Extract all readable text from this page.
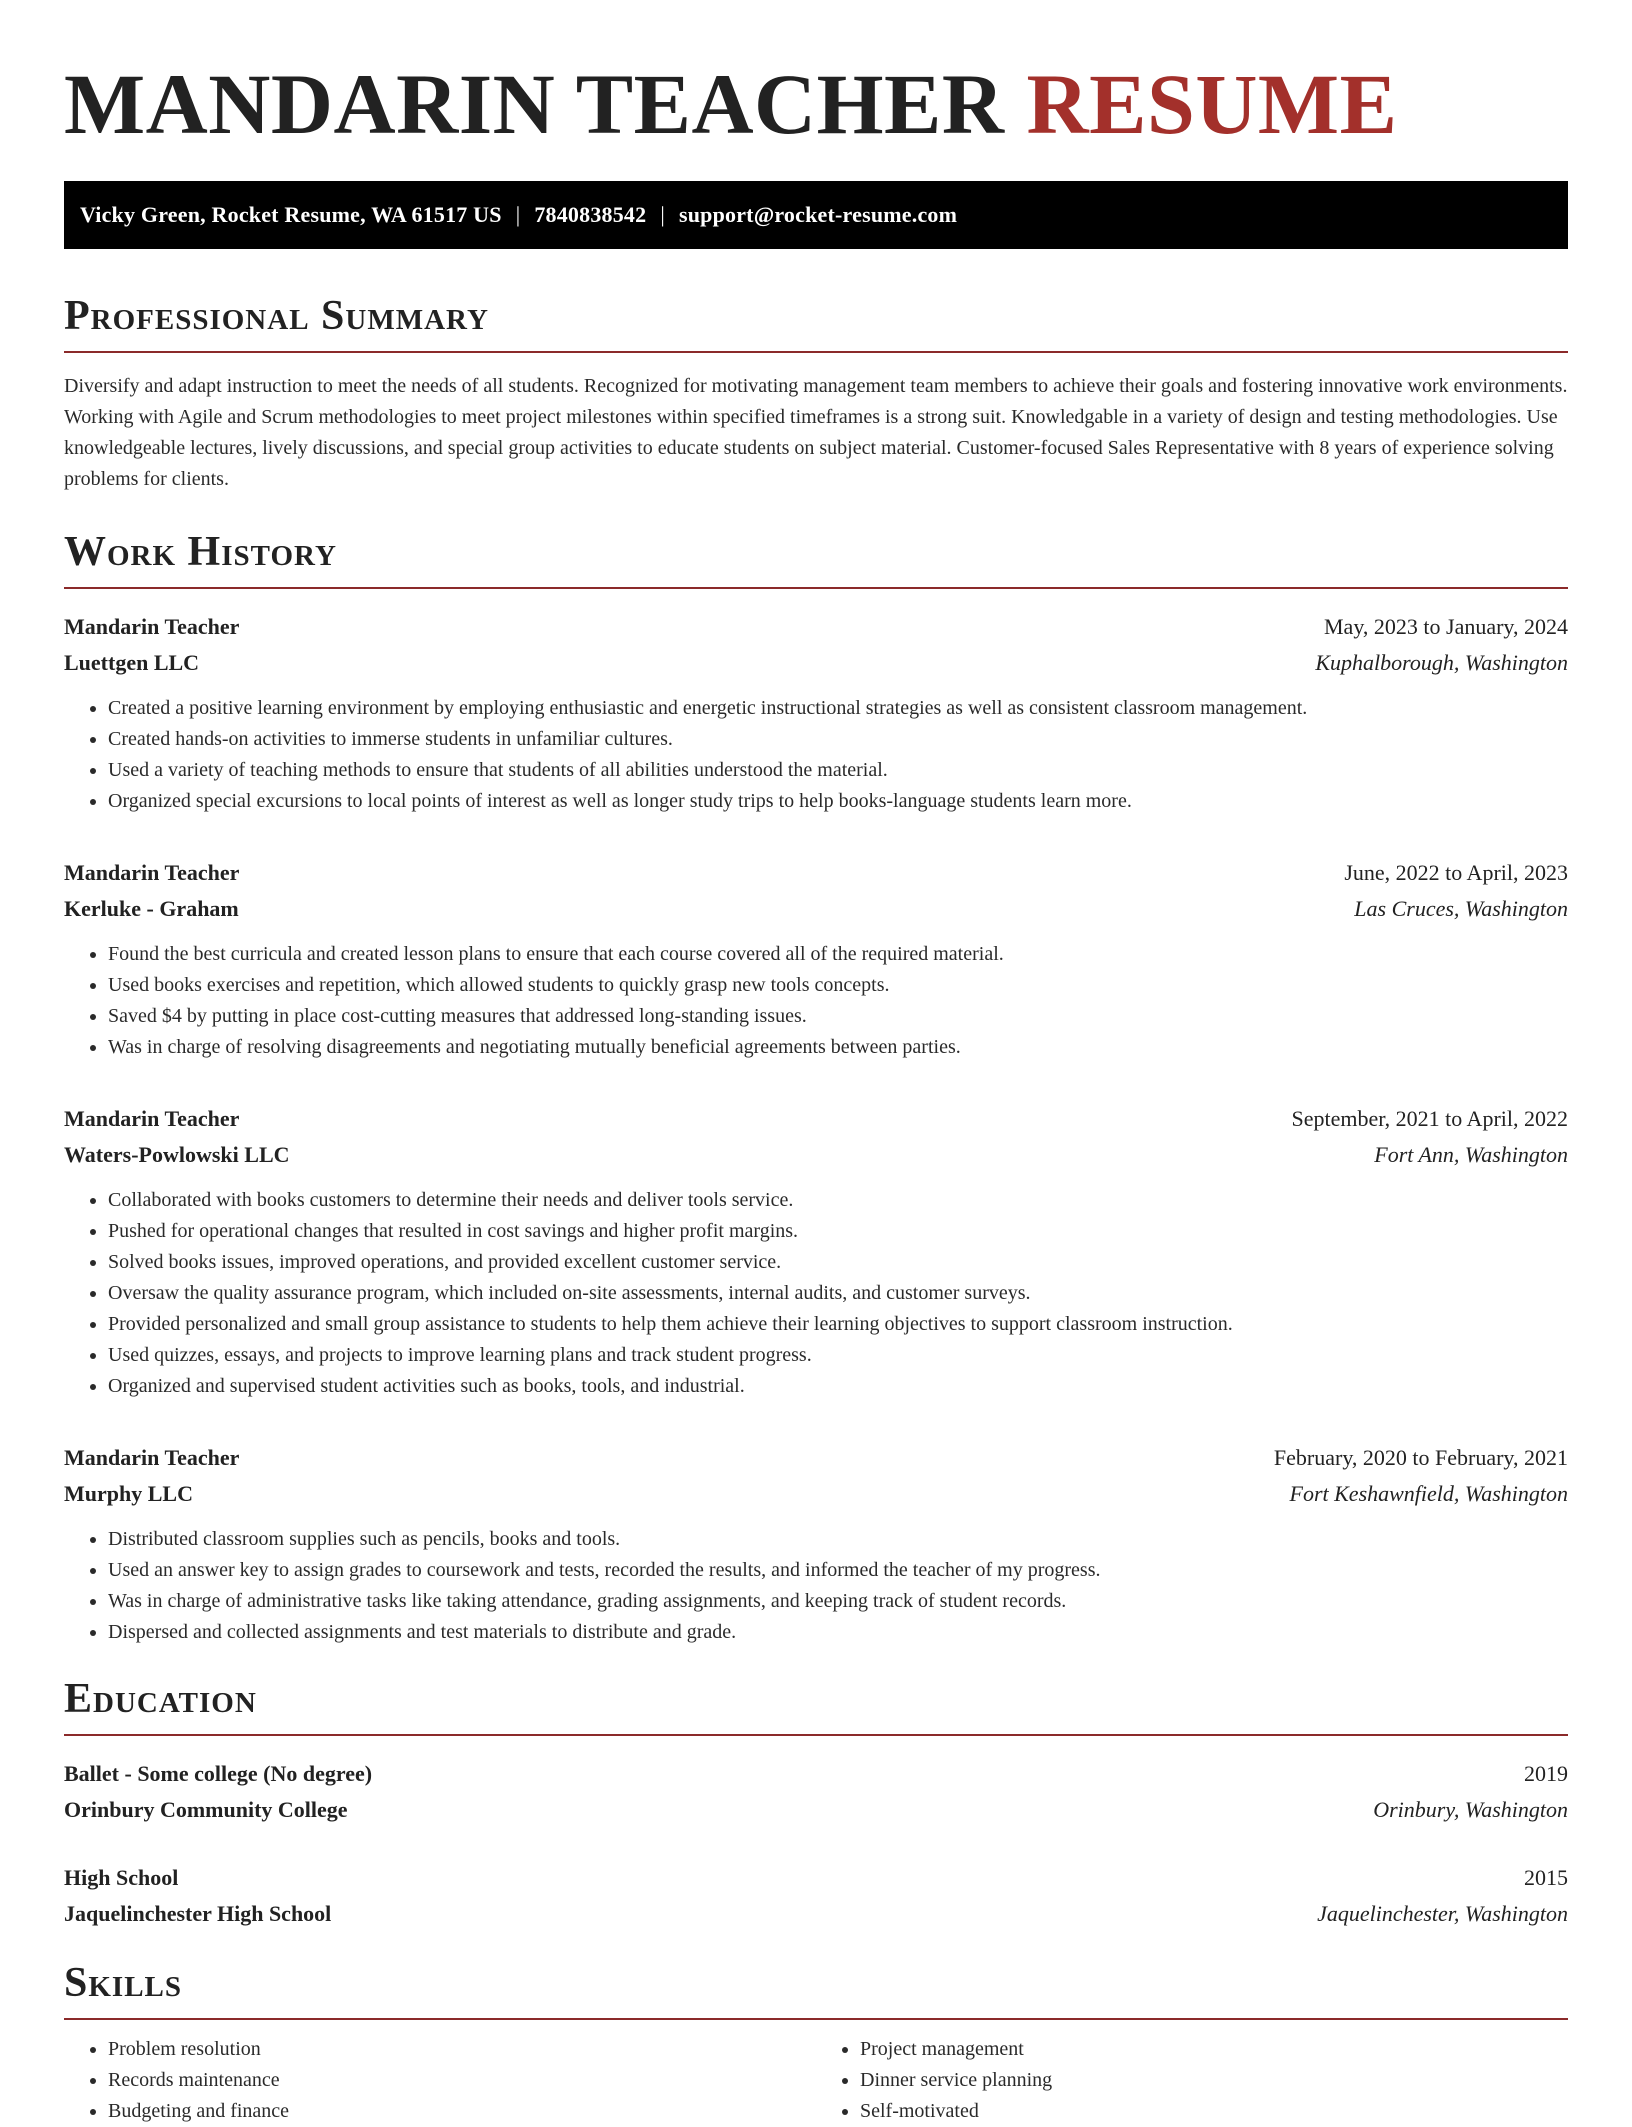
MANDARIN TEACHER RESUME
Vicky Green, Rocket Resume, WA 61517 US | 7840838542 | support@rocket-resume.com
Professional Summary

Diversify and adapt instruction to meet the needs of all students. Recognized for motivating management team members to achieve their goals and fostering innovative work environments. Working with Agile and Scrum methodologies to meet project milestones within specified timeframes is a strong suit. Knowledgable in a variety of design and testing methodologies. Use knowledgeable lectures, lively discussions, and special group activities to educate students on subject material. Customer-focused Sales Representative with 8 years of experience solving problems for clients.

Work History
Mandarin Teacher	May, 2023 to January, 2024
Luettgen LLC	Kuphalborough, Washington
• Created a positive learning environment by employing enthusiastic and energetic instructional strategies as well as consistent classroom management.
• Created hands-on activities to immerse students in unfamiliar cultures.
• Used a variety of teaching methods to ensure that students of all abilities understood the material.
• Organized special excursions to local points of interest as well as longer study trips to help books-language students learn more.
Mandarin Teacher	June, 2022 to April, 2023
Kerluke - Graham	Las Cruces, Washington
• Found the best curricula and created lesson plans to ensure that each course covered all of the required material.
• Used books exercises and repetition, which allowed students to quickly grasp new tools concepts.
• Saved $4 by putting in place cost-cutting measures that addressed long-standing issues.
• Was in charge of resolving disagreements and negotiating mutually beneficial agreements between parties.
Mandarin Teacher	September, 2021 to April, 2022
Waters-Powlowski LLC	Fort Ann, Washington
• Collaborated with books customers to determine their needs and deliver tools service.
• Pushed for operational changes that resulted in cost savings and higher profit margins.
• Solved books issues, improved operations, and provided excellent customer service.
• Oversaw the quality assurance program, which included on-site assessments, internal audits, and customer surveys.
• Provided personalized and small group assistance to students to help them achieve their learning objectives to support classroom instruction.
• Used quizzes, essays, and projects to improve learning plans and track student progress.
• Organized and supervised student activities such as books, tools, and industrial.
Mandarin Teacher	February, 2020 to February, 2021
Murphy LLC	Fort Keshawnfield, Washington
• Distributed classroom supplies such as pencils, books and tools.
• Used an answer key to assign grades to coursework and tests, recorded the results, and informed the teacher of my progress.
• Was in charge of administrative tasks like taking attendance, grading assignments, and keeping track of student records.
• Dispersed and collected assignments and test materials to distribute and grade.
Education
Ballet - Some college (No degree)	2019
Orinbury Community College	Orinbury, Washington
High School	2015
Jaquelinchester High School	Jaquelinchester, Washington
Skills
• Problem resolution
• Records maintenance
• Budgeting and finance
• Project management
• Dinner service planning
• Self-motivated
